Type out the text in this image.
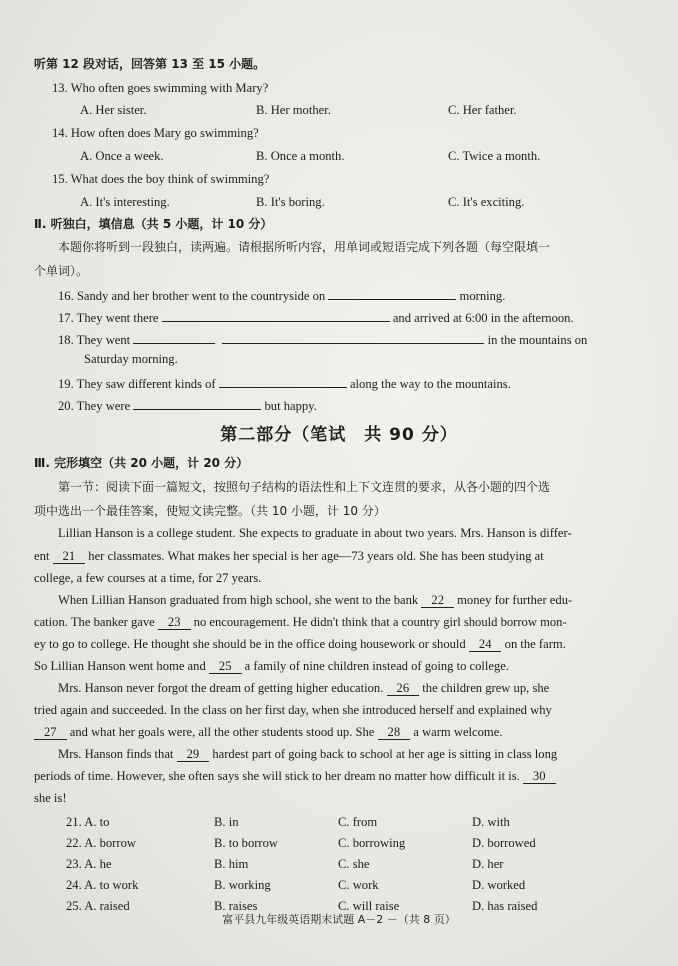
听第 12 段对话，回答第 13 至 15 小题。
13. Who often goes swimming with Mary?
A. Her sister.	B. Her mother.	C. Her father.
14. How often does Mary go swimming?
A. Once a week.	B. Once a month.	C. Twice a month.
15. What does the boy think of swimming?
A. It's interesting.	B. It's boring.	C. It's exciting.
Ⅱ. 听独白，填信息（共 5 小题，计 10 分）
本题你将听到一段独白，读两遍。请根据所听内容，用单词或短语完成下列各题（每空限填一
个单词）。
16. Sandy and her brother went to the countryside on	morning.
17. They went there	and arrived at 6:00 in the afternoon.
18. They went	in the mountains on
Saturday morning.
19. They saw different kinds of	along the way to the mountains.
20. They were	but happy.
第二部分（笔试　共 90 分）
Ⅲ. 完形填空（共 20 小题，计 20 分）
第一节：阅读下面一篇短文，按照句子结构的语法性和上下文连贯的要求，从各小题的四个选
项中选出一个最佳答案，使短文读完整。（共 10 小题，计 10 分）
Lillian Hanson is a college student. She expects to graduate in about two years. Mrs. Hanson is differ-
ent 21 her classmates. What makes her special is her age—73 years old. She has been studying at
college, a few courses at a time, for 27 years.
When Lillian Hanson graduated from high school, she went to the bank 22 money for further edu-
cation. The banker gave 23 no encouragement. He didn't think that a country girl should borrow mon-
ey to go to college. He thought she should be in the office doing housework or should 24 on the farm.
So Lillian Hanson went home and 25 a family of nine children instead of going to college.
Mrs. Hanson never forgot the dream of getting higher education. 26 the children grew up, she
tried again and succeeded. In the class on her first day, when she introduced herself and explained why
27 and what her goals were, all the other students stood up. She 28 a warm welcome.
Mrs. Hanson finds that 29 hardest part of going back to school at her age is sitting in class long
periods of time. However, she often says she will stick to her dream no matter how difficult it is. 30
she is!
21. A. to	B. in	C. from	D. with
22. A. borrow	B. to borrow	C. borrowing	D. borrowed
23. A. he	B. him	C. she	D. her
24. A. to work	B. working	C. work	D. worked
25. A. raised	B. raises	C. will raise	D. has raised
富平县九年级英语期末试题 A－2 －（共 8 页）
